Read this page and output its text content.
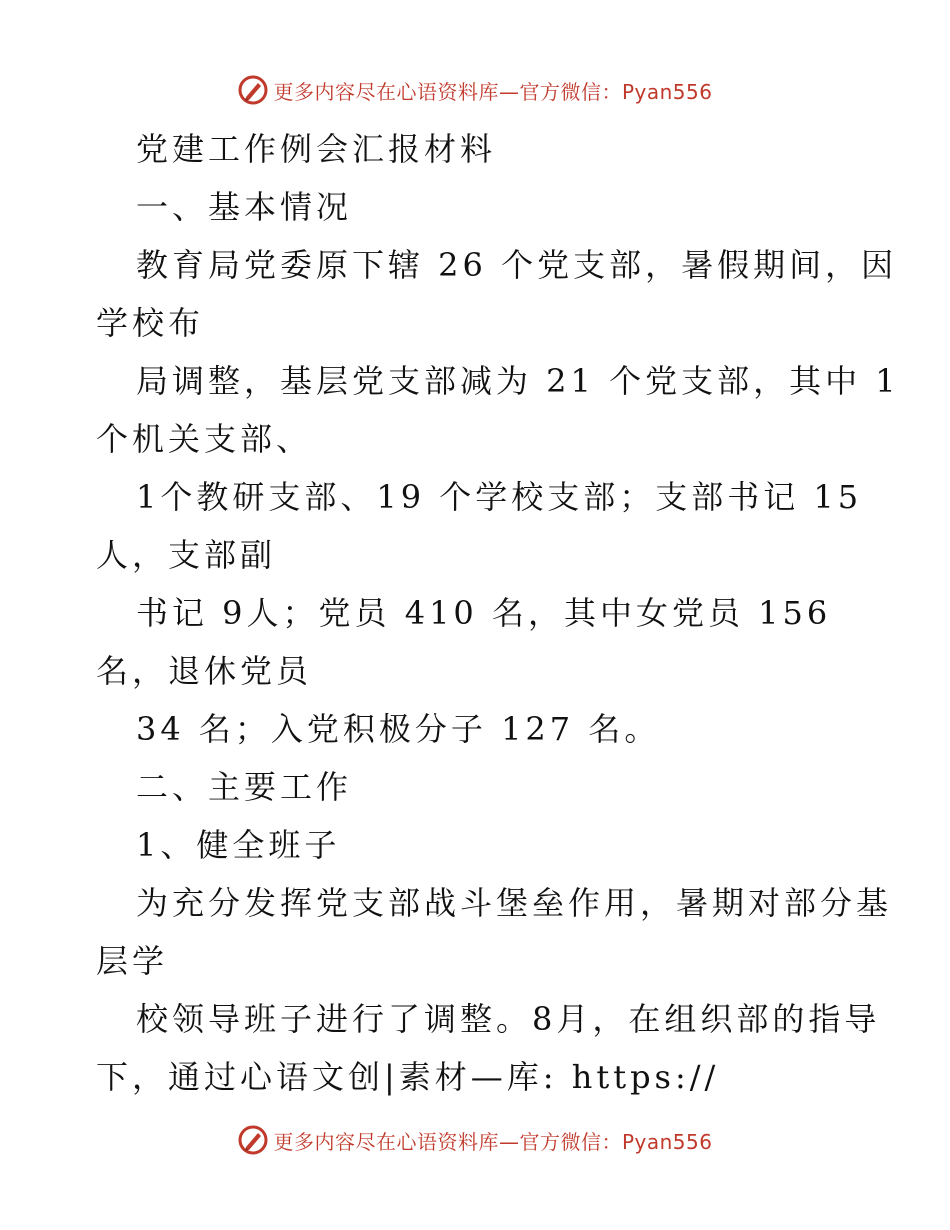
更多内容尽在心语资料库—官方微信：Pyan556
党建工作例会汇报材料
一、基本情况
教育局党委原下辖 26 个党支部，暑假期间，因
学校布
局调整，基层党支部减为 21 个党支部，其中 1
个机关支部、
1个教研支部、19 个学校支部；支部书记 15
人，支部副
书记 9人；党员 410 名，其中女党员 156
名，退休党员
34 名；入党积极分子 127 名。
二、主要工作
1、健全班子
为充分发挥党支部战斗堡垒作用，暑期对部分基
层学
校领导班子进行了调整。8月，在组织部的指导
下，通过心语文创|素材—库: https://
更多内容尽在心语资料库—官方微信：Pyan556
